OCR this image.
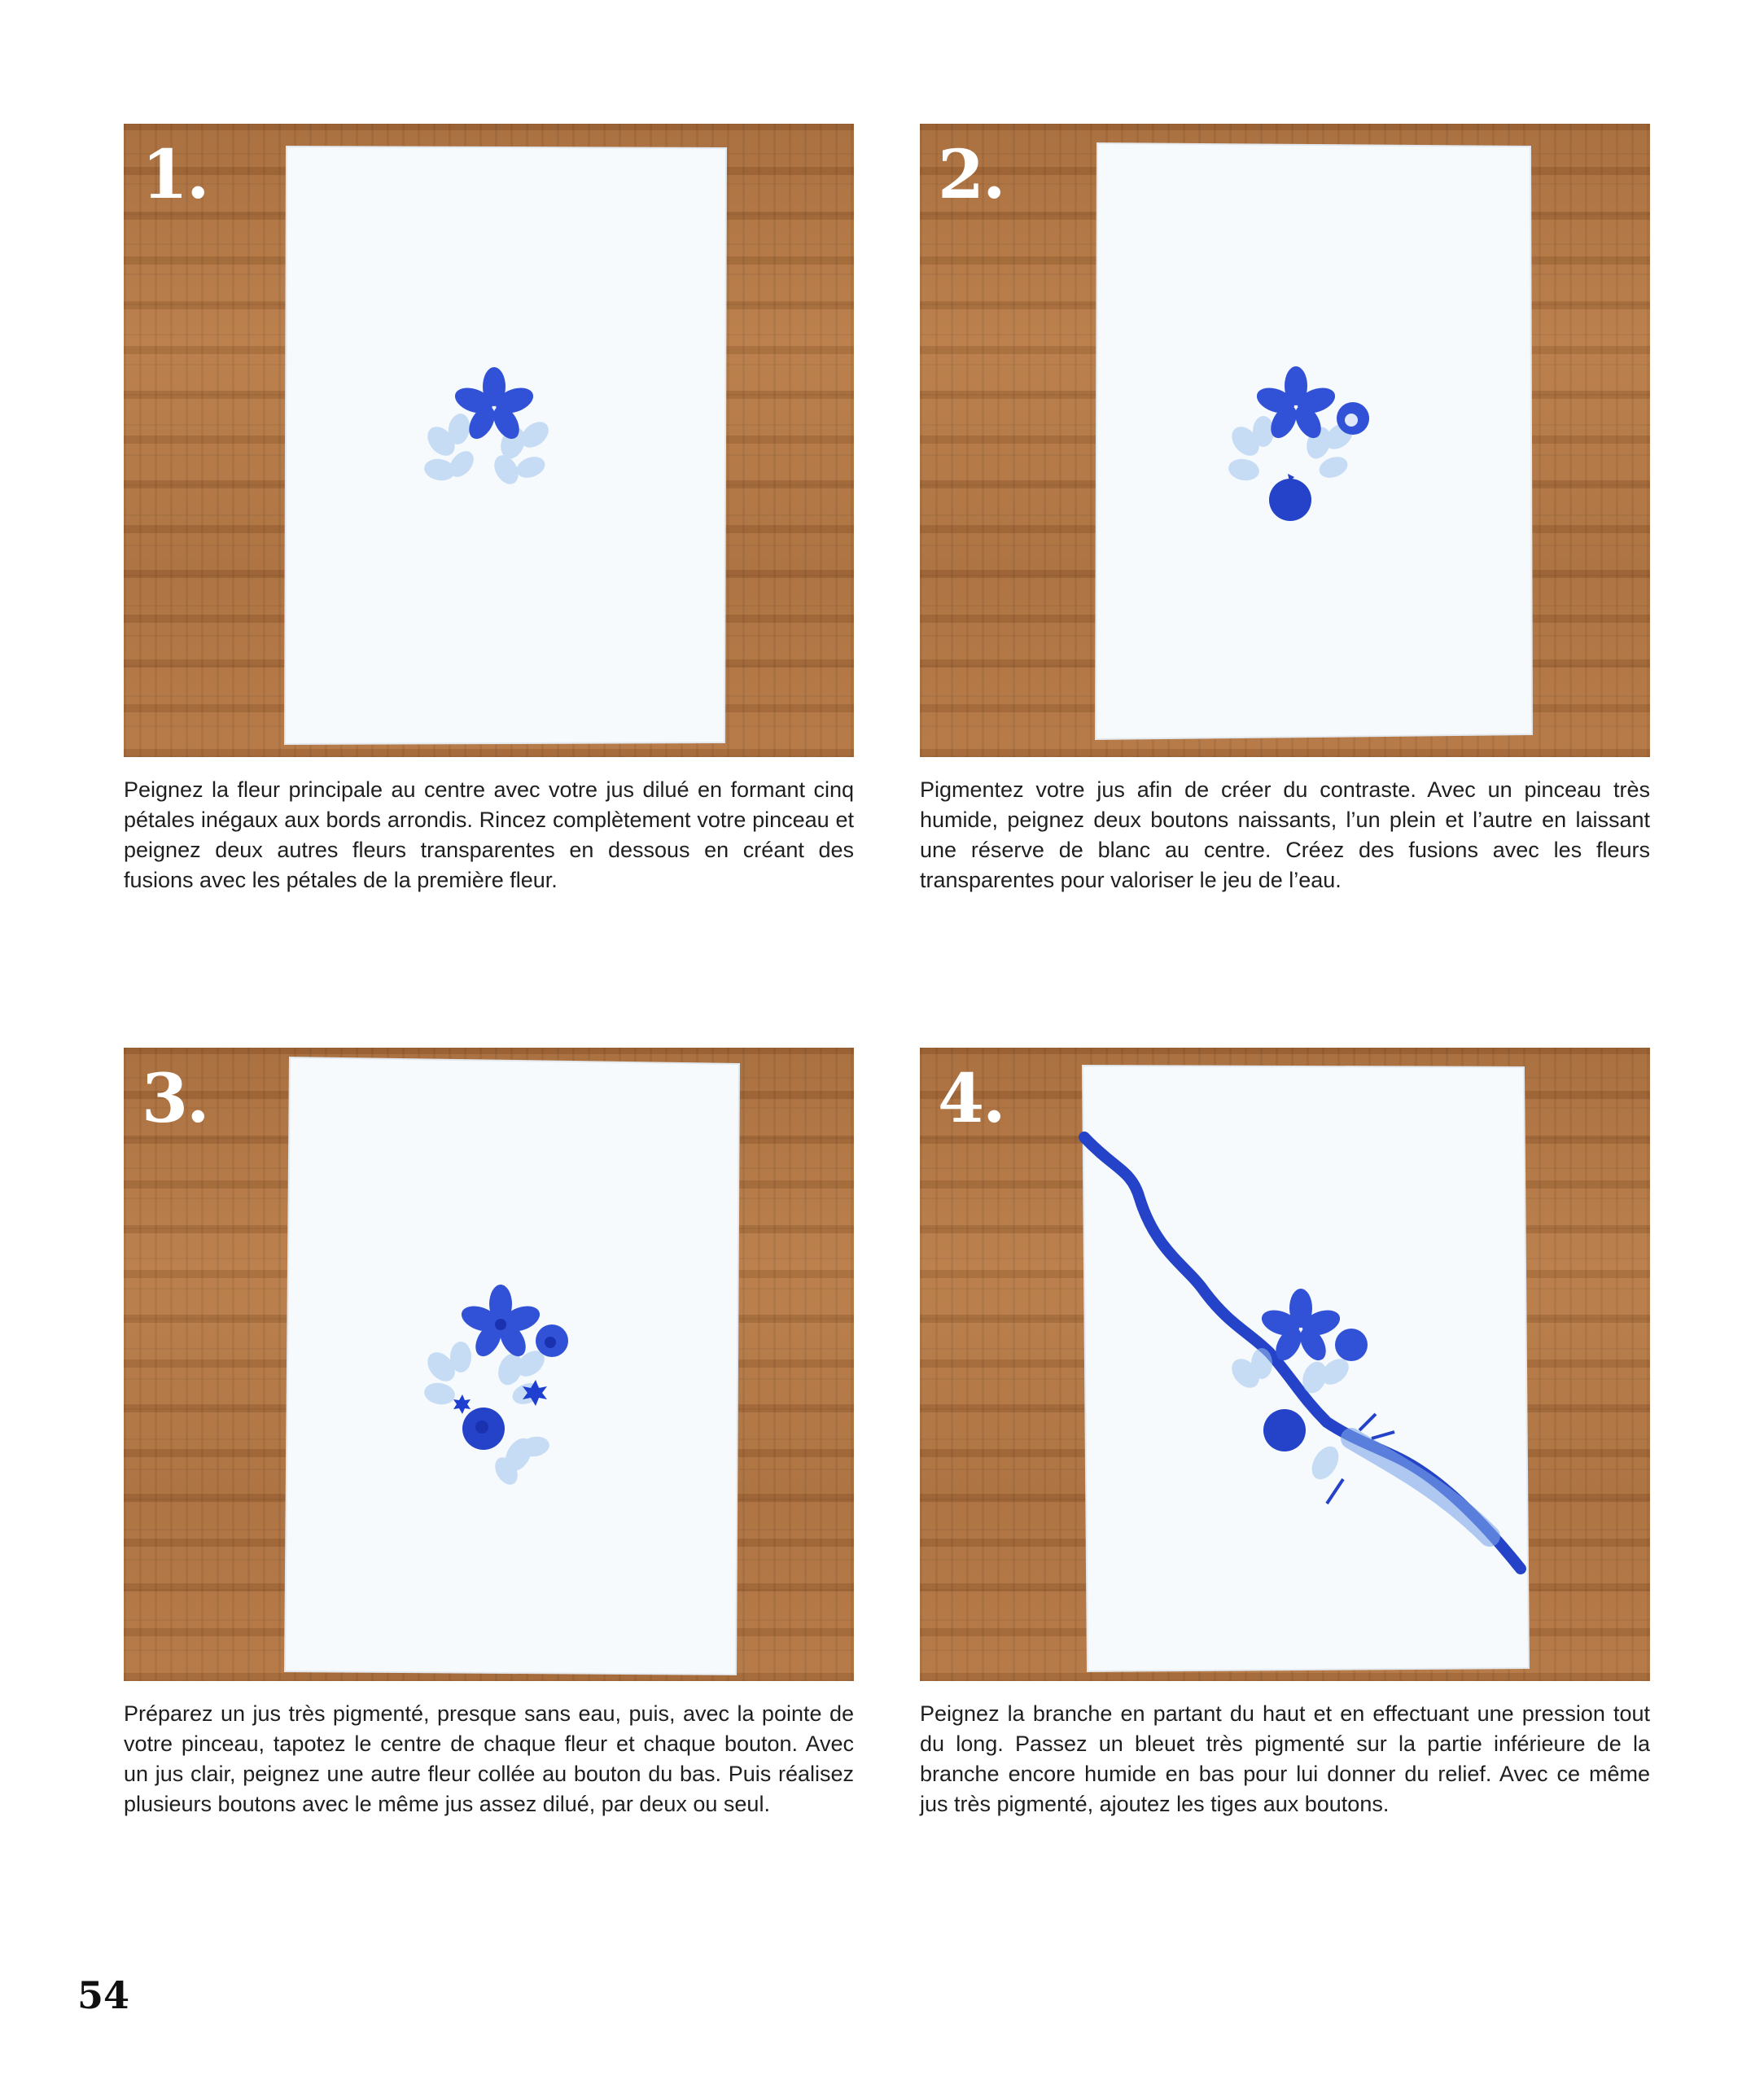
1.
Peignez la fleur principale au centre avec votre jus dilué en formant cinq pétales inégaux aux bords arrondis. Rincez complètement votre pinceau et peignez deux autres fleurs transparentes en dessous en créant des fusions avec les pétales de la première fleur.
2.
Pigmentez votre jus afin de créer du contraste. Avec un pinceau très humide, peignez deux boutons naissants, l’un plein et l’autre en laissant une réserve de blanc au centre. Créez des fusions avec les fleurs transparentes pour valoriser le jeu de l’eau.
3.
Préparez un jus très pigmenté, presque sans eau, puis, avec la pointe de votre pinceau, tapotez le centre de chaque fleur et chaque bouton. Avec un jus clair, peignez une autre fleur collée au bouton du bas. Puis réalisez plusieurs boutons avec le même jus assez dilué, par deux ou seul.
4.
Peignez la branche en partant du haut et en effectuant une pression tout du long. Passez un bleuet très pigmenté sur la partie inférieure de la branche encore humide en bas pour lui donner du relief. Avec ce même jus très pigmenté, ajoutez les tiges aux boutons.
54
